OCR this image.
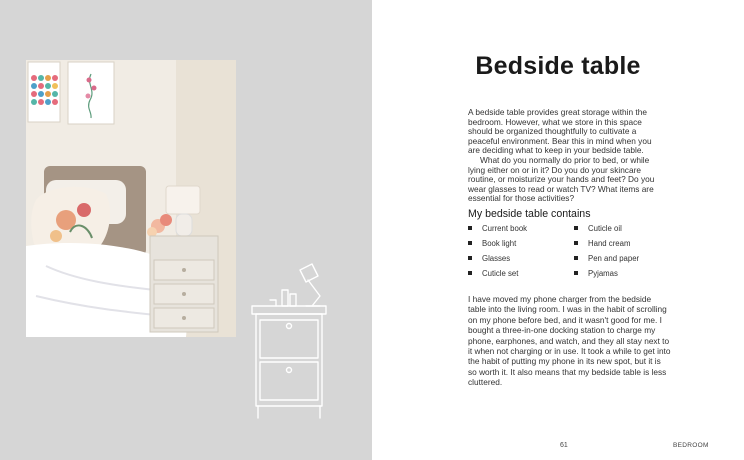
Bedside table

A bedside table provides great storage within the bedroom. However, what we store in this space should be organized thoughtfully to cultivate a peaceful environment. Bear this in mind when you are deciding what to keep in your bedside table.

What do you normally do prior to bed, or while lying either on or in it? Do you do your skincare routine, or moisturize your hands and feet? Do you wear glasses to read or watch TV? What items are essential for those activities?

My bedside table contains
Current book
Book light
Glasses
Cuticle set
Cuticle oil
Hand cream
Pen and paper
Pyjamas

I have moved my phone charger from the bedside table into the living room. I was in the habit of scrolling on my phone before bed, and it wasn't good for me. I bought a three-in-one docking station to charge my phone, earphones, and watch, and they all stay next to it when not charging or in use. It took a while to get into the habit of putting my phone in its new spot, but it is so worth it. It also means that my bedside table is less cluttered.

61	BEDROOM
